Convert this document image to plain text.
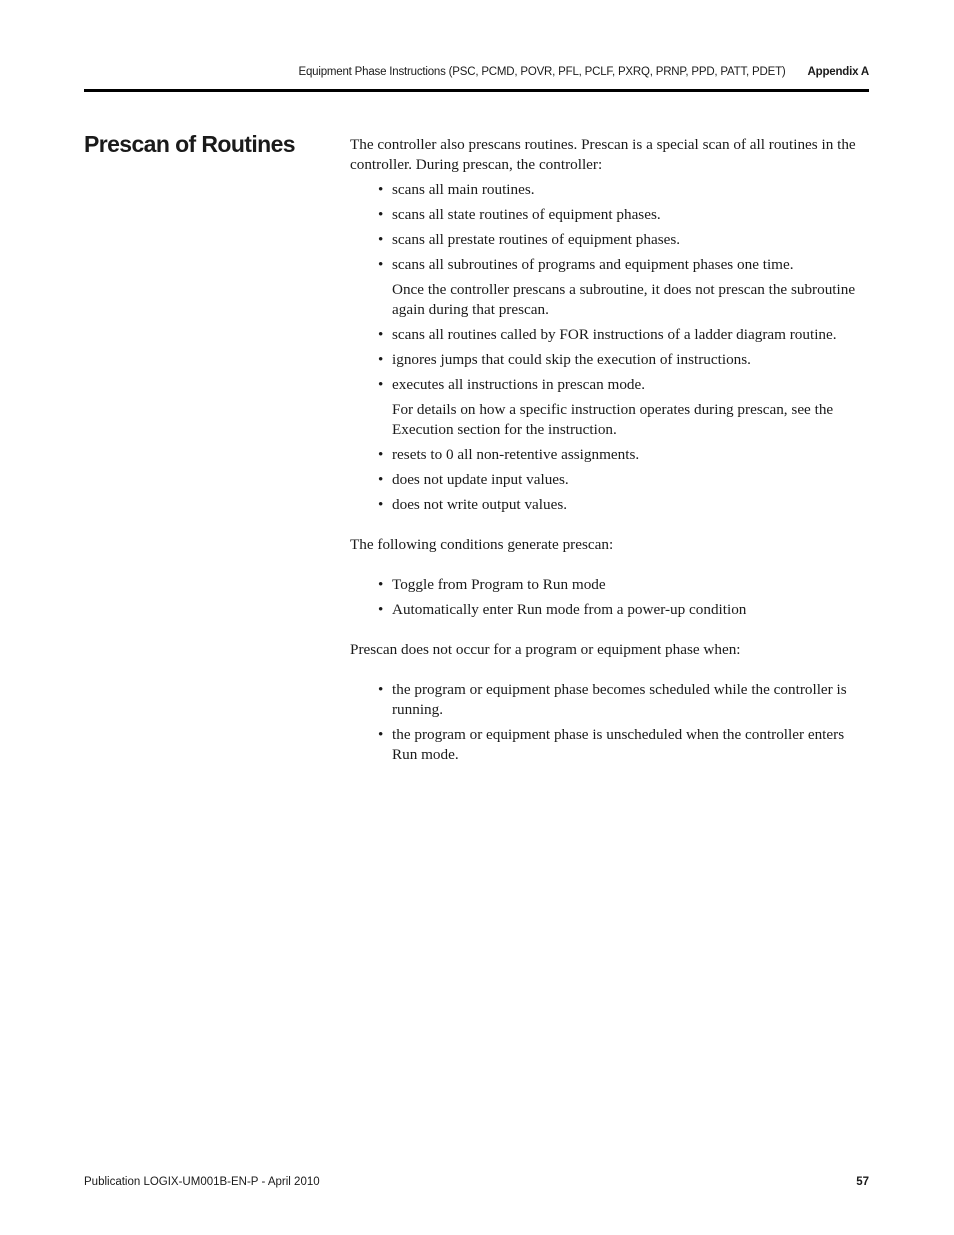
Equipment Phase Instructions (PSC, PCMD, POVR, PFL, PCLF, PXRQ, PRNP, PPD, PATT, PDET) Appendix A
Prescan of Routines	The controller also prescans routines. Prescan is a special scan of all routines in the controller. During prescan, the controller:

• scans all main routines.
• scans all state routines of equipment phases.
• scans all prestate routines of equipment phases.
• scans all subroutines of programs and equipment phases one time.
Once the controller prescans a subroutine, it does not prescan the subroutine again during that prescan.
• scans all routines called by FOR instructions of a ladder diagram routine.
• ignores jumps that could skip the execution of instructions.
• executes all instructions in prescan mode.
For details on how a specific instruction operates during prescan, see the Execution section for the instruction.
• resets to 0 all non-retentive assignments.
• does not update input values.
• does not write output values.

The following conditions generate prescan:

• Toggle from Program to Run mode
• Automatically enter Run mode from a power-up condition

Prescan does not occur for a program or equipment phase when:

• the program or equipment phase becomes scheduled while the controller is running.
• the program or equipment phase is unscheduled when the controller enters Run mode.
Publication LOGIX-UM001B-EN-P - April 2010	57
